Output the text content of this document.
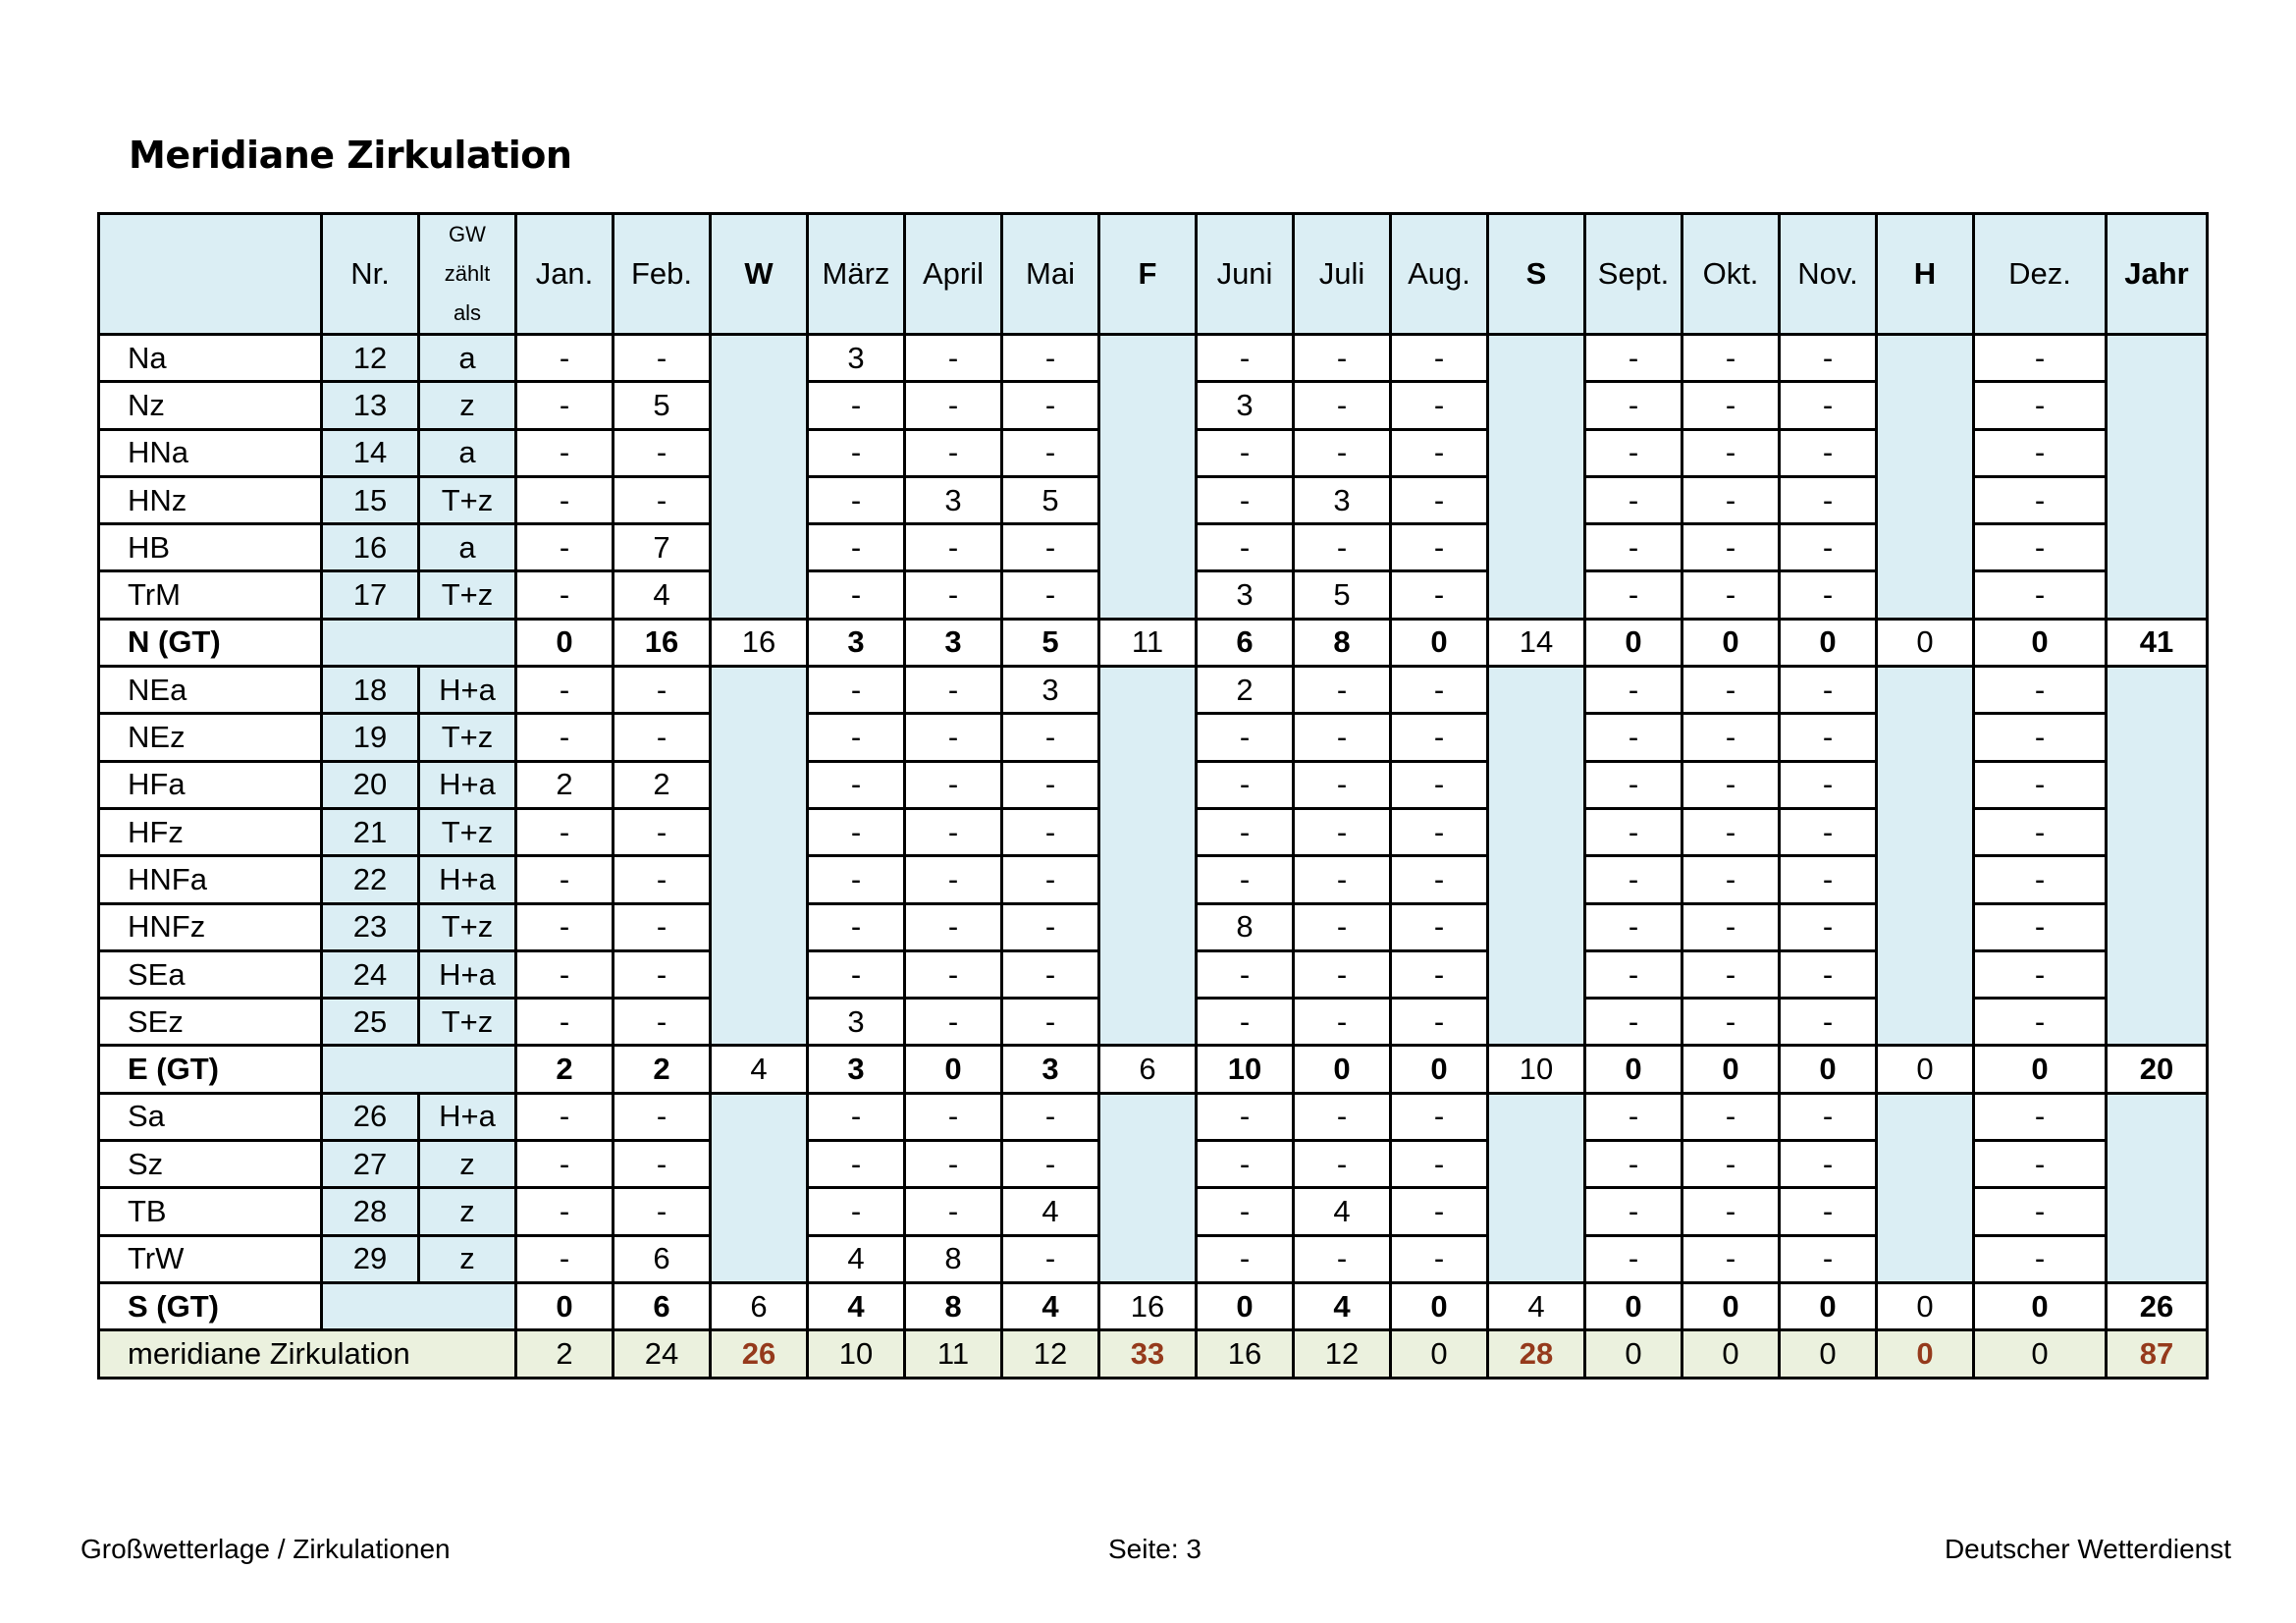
Meridiane Zirkulation
	Nr.	GW
zählt
als	Jan.	Feb.	W	März	April	Mai	F	Juni	Juli	Aug.	S	Sept.	Okt.	Nov.	H	Dez.	Jahr
Na	12	a	-	-		3	-	-		-	-	-		-	-	-		-	
Nz	13	z	-	5		-	-	-		3	-	-		-	-	-		-	
HNa	14	a	-	-		-	-	-		-	-	-		-	-	-		-	
HNz	15	T+z	-	-		-	3	5		-	3	-		-	-	-		-	
HB	16	a	-	7		-	-	-		-	-	-		-	-	-		-	
TrM	17	T+z	-	4		-	-	-		3	5	-		-	-	-		-	
N (GT)			0	16	16	3	3	5	11	6	8	0	14	0	0	0	0	0	41
NEa	18	H+a	-	-		-	-	3		2	-	-		-	-	-		-	
NEz	19	T+z	-	-		-	-	-		-	-	-		-	-	-		-	
HFa	20	H+a	2	2		-	-	-		-	-	-		-	-	-		-	
HFz	21	T+z	-	-		-	-	-		-	-	-		-	-	-		-	
HNFa	22	H+a	-	-		-	-	-		-	-	-		-	-	-		-	
HNFz	23	T+z	-	-		-	-	-		8	-	-		-	-	-		-	
SEa	24	H+a	-	-		-	-	-		-	-	-		-	-	-		-	
SEz	25	T+z	-	-		3	-	-		-	-	-		-	-	-		-	
E (GT)			2	2	4	3	0	3	6	10	0	0	10	0	0	0	0	0	20
Sa	26	H+a	-	-		-	-	-		-	-	-		-	-	-		-	
Sz	27	z	-	-		-	-	-		-	-	-		-	-	-		-	
TB	28	z	-	-		-	-	4		-	4	-		-	-	-		-	
TrW	29	z	-	6		4	8	-		-	-	-		-	-	-		-	
S (GT)			0	6	6	4	8	4	16	0	4	0	4	0	0	0	0	0	26
meridiane Zirkulation			2	24	26	10	11	12	33	16	12	0	28	0	0	0	0	0	87
Großwetterlage / Zirkulationen	Seite: 3	Deutscher Wetterdienst
